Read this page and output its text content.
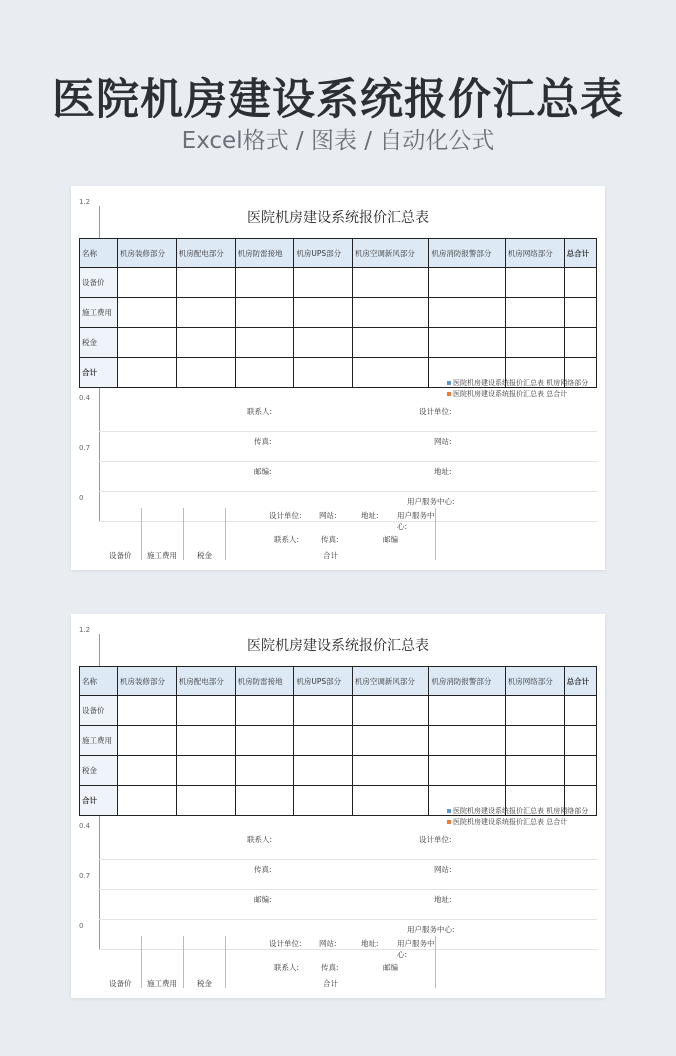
医院机房建设系统报价汇总表
Excel格式 / 图表 / 自动化公式
1.2
0.4
0.7
0
医院机房建设系统报价汇总表
名称	机房装修部分	机房配电部分	机房防雷接地	机房UPS部分	机房空调新风部分	机房消防报警部分	机房网络部分	总合计
设备价								
施工费用								
税金								
合计								
医院机房建设系统报价汇总表 机房网络部分
医院机房建设系统报价汇总表 总合计
联系人:	设计单位:
传真:	网站:
邮编:	地址:
用户服务中心:
设计单位: 网站:	地址: 用户服务中心:
联系人:	传真:	邮编
设备价 施工费用	税金	合计
1.2
0.4
0.7
0
医院机房建设系统报价汇总表
名称	机房装修部分	机房配电部分	机房防雷接地	机房UPS部分	机房空调新风部分	机房消防报警部分	机房网络部分	总合计
设备价								
施工费用								
税金								
合计								
医院机房建设系统报价汇总表 机房网络部分
医院机房建设系统报价汇总表 总合计
联系人:	设计单位:
传真:	网站:
邮编:	地址:
用户服务中心:
设计单位: 网站:	地址: 用户服务中心:
联系人:	传真:	邮编
设备价 施工费用	税金	合计
